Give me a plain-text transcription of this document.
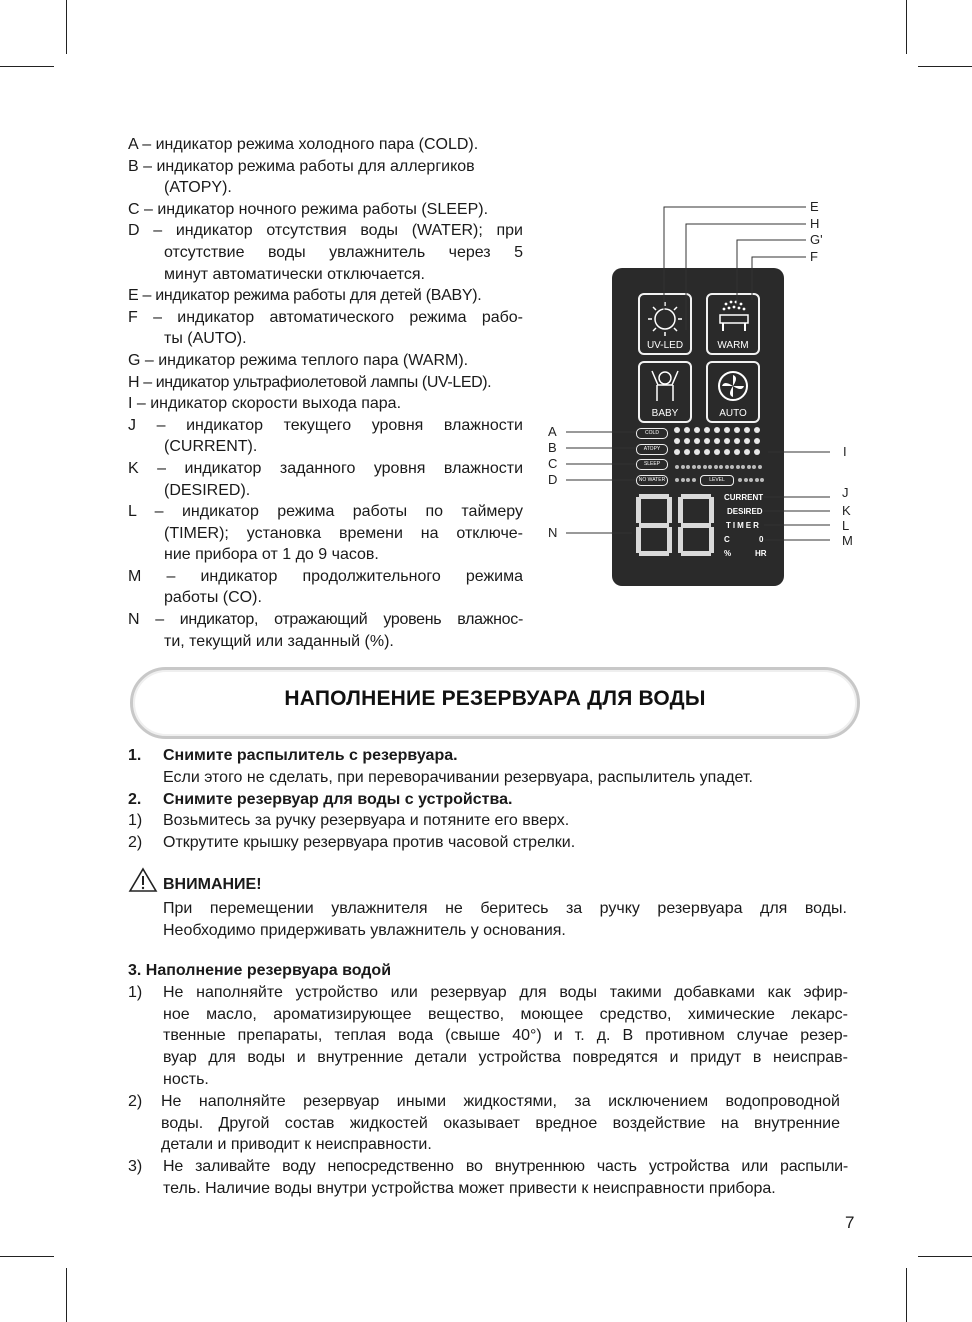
A – индикатор режима холодного пара (COLD).
B – индикатор режима работы для аллергиков
(ATOPY).
C – индикатор ночного режима работы (SLEEP).
D – индикатор отсутствия воды (WATER); при
отсутствие воды увлажнитель через 5
минут автоматически отключается.
E – индикатор режима работы для детей (BABY).
F – индикатор автоматического режима рабо-
ты (AUTO).
G – индикатор режима теплого пара (WARM).
H – индикатор ультрафиолетовой лампы (UV-LED).
I – индикатор скорости выхода пара.
J – индикатор текущего уровня влажности
(CURRENT).
K – индикатор заданного уровня влажности
(DESIRED).
L – индикатор режима работы по таймеру
(TIMER); установка времени на отключе-
ние прибора от 1 до 9 часов.
M – индикатор продолжительного режима
работы (CO).
N – индикатор, отражающий уровень влажнос-
ти, текущий или заданный (%).
UV-LED	WARM
BABY	AUTO
COLD
ATOPY
SLEEP
NO WATER	LEVEL
CURRENT
DESIRED
TIMER
C	0
%	HR
E
H
G'
F
I
J
K
L
M
A
B
C
D
N
НАПОЛНЕНИЕ РЕЗЕРВУАРА ДЛЯ ВОДЫ
1. Снимите распылитель с резервуара.
Если этого не сделать, при переворачивании резервуара, распылитель упадет.
2. Снимите резервуар для воды с устройства.
1) Возьмитесь за ручку резервуара и потяните его вверх.
2) Открутите крышку резервуара против часовой стрелки.
ВНИМАНИЕ!
При перемещении увлажнителя не беритесь за ручку резервуара для воды.
Необходимо придерживать увлажнитель у основания.
3. Наполнение резервуара водой
1) Не наполняйте устройство или резервуар для воды такими добавками как эфир-
ное масло, ароматизирующее вещество, моющее средство, химические лекарс-
твенные препараты, теплая вода (свыше 40°) и т. д. В противном случае резер-
вуар для воды и внутренние детали устройства повредятся и придут в неисправ-
ность.
2) Не наполняйте резервуар иными жидкостями, за исключением водопроводной
воды. Другой состав жидкостей оказывает вредное воздействие на внутренние
детали и приводит к неисправности.
3) Не заливайте воду непосредственно во внутреннюю часть устройства или распыли-
тель. Наличие воды внутри устройства может привести к неисправности прибора.
7
